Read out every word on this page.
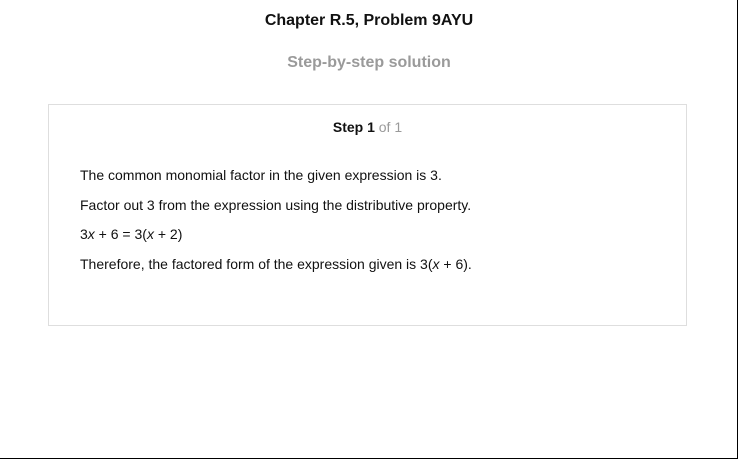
Chapter R.5, Problem 9AYU
Step-by-step solution
Step 1 of 1
The common monomial factor in the given expression is 3.
Factor out 3 from the expression using the distributive property.
3x + 6 = 3(x + 2)
Therefore, the factored form of the expression given is 3(x + 6).
